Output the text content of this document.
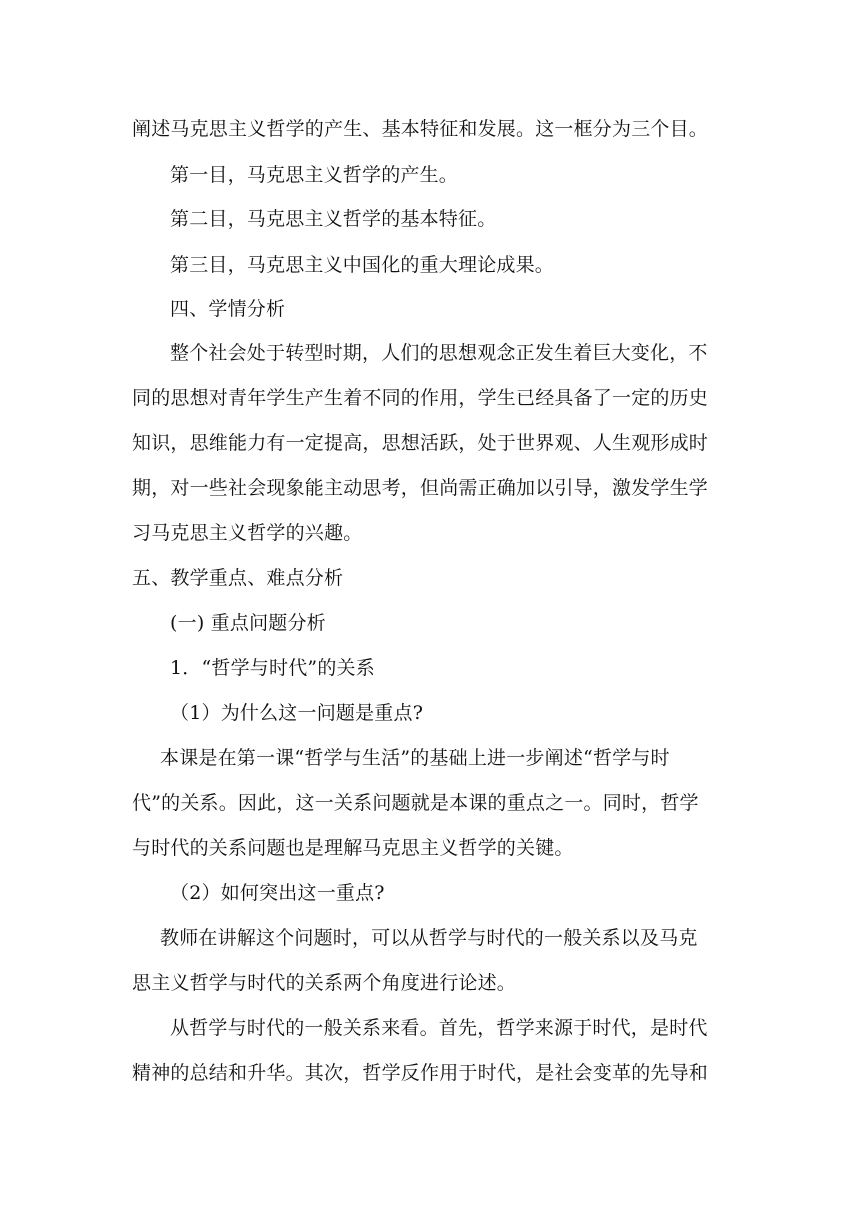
阐述马克思主义哲学的产生、基本特征和发展。这一框分为三个目。
第一目，马克思主义哲学的产生。
第二目，马克思主义哲学的基本特征。
第三目，马克思主义中国化的重大理论成果。
四、学情分析
整个社会处于转型时期，人们的思想观念正发生着巨大变化，不
同的思想对青年学生产生着不同的作用，学生已经具备了一定的历史
知识，思维能力有一定提高，思想活跃，处于世界观、人生观形成时
期，对一些社会现象能主动思考，但尚需正确加以引导，激发学生学
习马克思主义哲学的兴趣。
五、教学重点、难点分析
(一) 重点问题分析
1．“哲学与时代”的关系
（1）为什么这一问题是重点?
本课是在第一课“哲学与生活”的基础上进一步阐述“哲学与时
代”的关系。因此，这一关系问题就是本课的重点之一。同时，哲学
与时代的关系问题也是理解马克思主义哲学的关键。
（2）如何突出这一重点?
教师在讲解这个问题时，可以从哲学与时代的一般关系以及马克
思主义哲学与时代的关系两个角度进行论述。
从哲学与时代的一般关系来看。首先，哲学来源于时代，是时代
精神的总结和升华。其次，哲学反作用于时代，是社会变革的先导和
